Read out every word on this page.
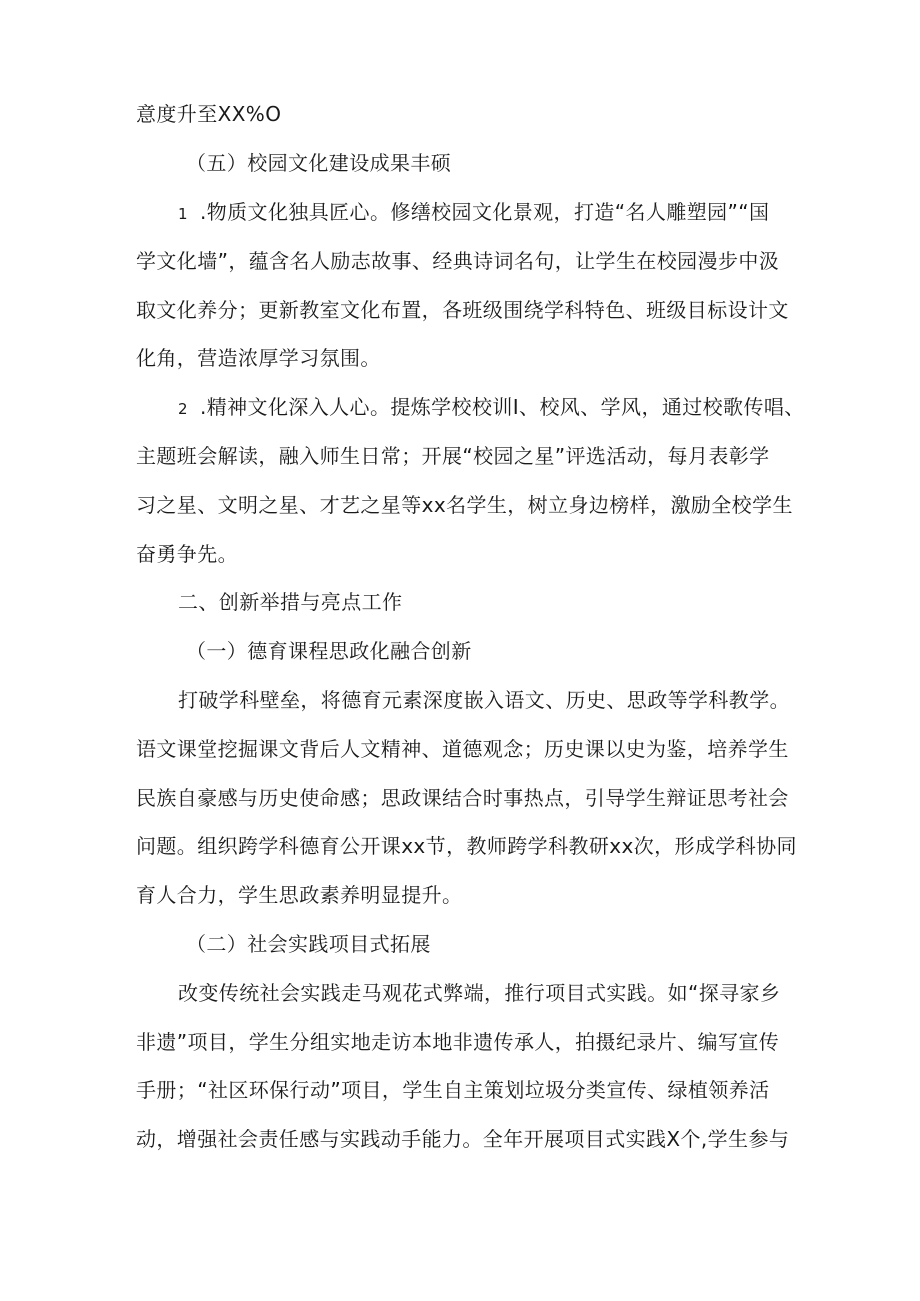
意度升至XX%O
（五）校园文化建设成果丰硕
1 .物质文化独具匠心。修缮校园文化景观，打造“名人雕塑园”“国
学文化墙”，蕴含名人励志故事、经典诗词名句，让学生在校园漫步中汲
取文化养分；更新教室文化布置，各班级围绕学科特色、班级目标设计文
化角，营造浓厚学习氛围。
2 .精神文化深入人心。提炼学校校训I、校风、学风，通过校歌传唱、
主题班会解读，融入师生日常；开展“校园之星”评选活动，每月表彰学
习之星、文明之星、才艺之星等xx名学生，树立身边榜样，激励全校学生
奋勇争先。
二、创新举措与亮点工作
（一）德育课程思政化融合创新
打破学科壁垒，将德育元素深度嵌入语文、历史、思政等学科教学。
语文课堂挖掘课文背后人文精神、道德观念；历史课以史为鉴，培养学生
民族自豪感与历史使命感；思政课结合时事热点，引导学生辩证思考社会
问题。组织跨学科德育公开课xx节，教师跨学科教研xx次，形成学科协同
育人合力，学生思政素养明显提升。
（二）社会实践项目式拓展
改变传统社会实践走马观花式弊端，推行项目式实践。如“探寻家乡
非遗”项目，学生分组实地走访本地非遗传承人，拍摄纪录片、编写宣传
手册；“社区环保行动”项目，学生自主策划垃圾分类宣传、绿植领养活
动，增强社会责任感与实践动手能力。全年开展项目式实践X个,学生参与
